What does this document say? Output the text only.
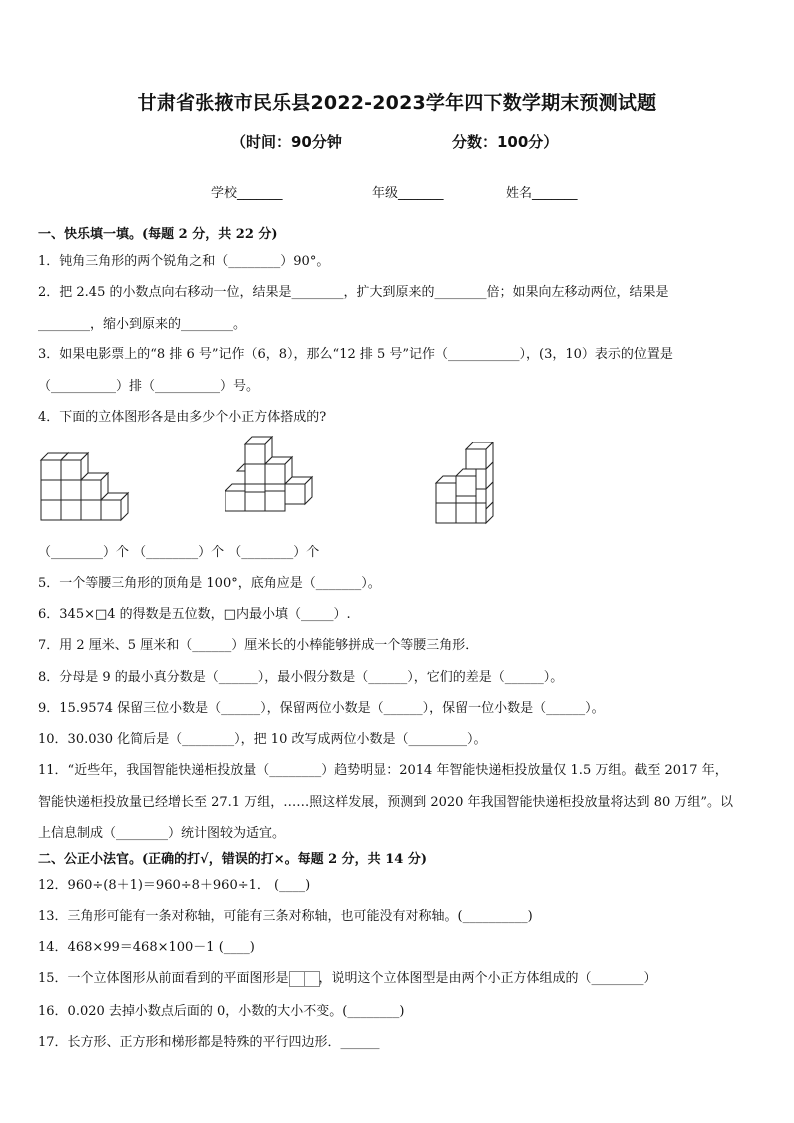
甘肃省张掖市民乐县2022-2023学年四下数学期末预测试题
（时间：90分钟	分数：100分）
学校_______	年级_______	姓名_______
一、快乐填一填。(每题 2 分，共 22 分)
1．钝角三角形的两个锐角之和（________）90°。
2．把 2.45 的小数点向右移动一位，结果是________，扩大到原来的________倍；如果向左移动两位，结果是
________，缩小到原来的________。
3．如果电影票上的“8 排 6 号”记作（6，8），那么“12 排 5 号”记作（___________），(3，10）表示的位置是
（__________）排（__________）号。
4．下面的立体图形各是由多少个小正方体搭成的?
（________）个 （________）个 （________）个
5．一个等腰三角形的顶角是 100°，底角应是（_______）。
6．345×□4 的得数是五位数，□内最小填（_____）.
7．用 2 厘米、5 厘米和（______）厘米长的小棒能够拼成一个等腰三角形．
8．分母是 9 的最小真分数是（______），最小假分数是（______），它们的差是（______）。
9．15.9574 保留三位小数是（______），保留两位小数是（______），保留一位小数是（______）。
10．30.030 化简后是（________），把 10 改写成两位小数是（_________）。
11．“近些年，我国智能快递柜投放量（________）趋势明显：2014 年智能快递柜投放量仅 1.5 万组。截至 2017 年，
智能快递柜投放量已经增长至 27.1 万组，……照这样发展，预测到 2020 年我国智能快递柜投放量将达到 80 万组”。以
上信息制成（________）统计图较为适宜。
二、公正小法官。(正确的打√，错误的打×。每题 2 分，共 14 分)
12．960÷(8＋1)＝960÷8＋960÷1． (____)
13．三角形可能有一条对称轴，可能有三条对称轴，也可能没有对称轴。(__________)
14．468×99＝468×100－1 (____)
15．一个立体图形从前面看到的平面图形是 ，说明这个立体图型是由两个小正方体组成的（________）
16．0.020 去掉小数点后面的 0，小数的大小不变。(________)
17．长方形、正方形和梯形都是特殊的平行四边形．______
